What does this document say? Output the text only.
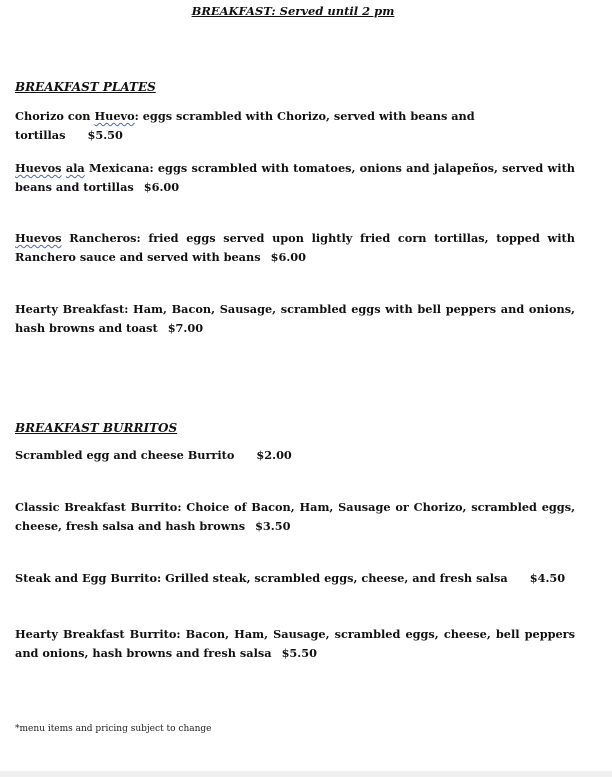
BREAKFAST: Served until 2 pm
BREAKFAST PLATES
Chorizo con Huevo: eggs scrambled with Chorizo, served with beans and tortillas $5.50
Huevos ala Mexicana: eggs scrambled with tomatoes, onions and jalapeños, served with beans and tortillas $6.00
Huevos Rancheros: fried eggs served upon lightly fried corn tortillas, topped with Ranchero sauce and served with beans $6.00
Hearty Breakfast: Ham, Bacon, Sausage, scrambled eggs with bell peppers and onions, hash browns and toast $7.00
BREAKFAST BURRITOS
Scrambled egg and cheese Burrito $2.00
Classic Breakfast Burrito: Choice of Bacon, Ham, Sausage or Chorizo, scrambled eggs, cheese, fresh salsa and hash browns $3.50
Steak and Egg Burrito: Grilled steak, scrambled eggs, cheese, and fresh salsa $4.50
Hearty Breakfast Burrito: Bacon, Ham, Sausage, scrambled eggs, cheese, bell peppers and onions, hash browns and fresh salsa $5.50
*menu items and pricing subject to change
